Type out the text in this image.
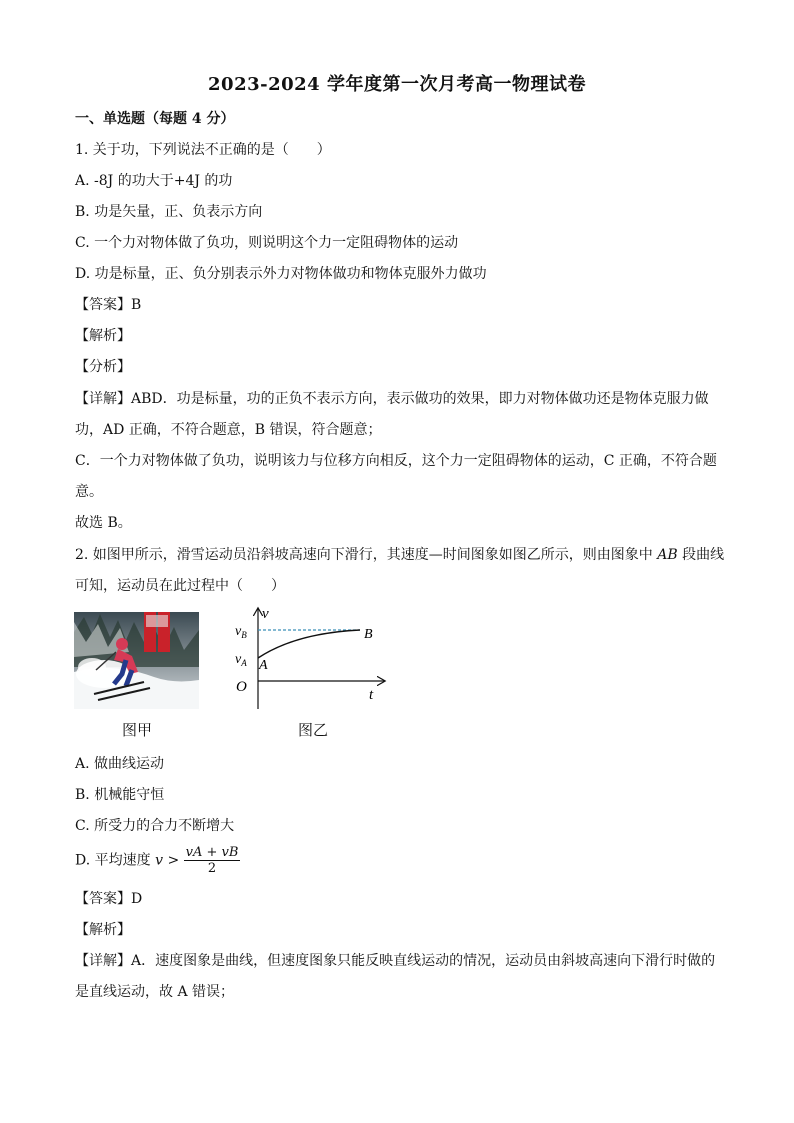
2023-2024 学年度第一次月考高一物理试卷
一、单选题（每题 4 分）
1. 关于功，下列说法不正确的是（　　）
A. -8J 的功大于+4J 的功
B. 功是矢量，正、负表示方向
C. 一个力对物体做了负功，则说明这个力一定阻碍物体的运动
D. 功是标量，正、负分别表示外力对物体做功和物体克服外力做功
【答案】B
【解析】
【分析】
【详解】ABD．功是标量，功的正负不表示方向，表示做功的效果，即力对物体做功还是物体克服力做
功，AD 正确，不符合题意，B 错误，符合题意；
C．一个力对物体做了负功，说明该力与位移方向相反，这个力一定阻碍物体的运动，C 正确，不符合题
意。
故选 B。
2. 如图甲所示，滑雪运动员沿斜坡高速向下滑行，其速度—时间图象如图乙所示，则由图象中 AB 段曲线
可知，运动员在此过程中（　　）
图甲
v
t
O
$v_B$
$v_A$ A
B
图乙
A. 做曲线运动
B. 机械能守恒
C. 所受力的合力不断增大
D. 平均速度 $v > \frac{vA + vB}{2}$
【答案】D
【解析】
【详解】A．速度图象是曲线，但速度图象只能反映直线运动的情况，运动员由斜坡高速向下滑行时做的
是直线运动，故 A 错误；
